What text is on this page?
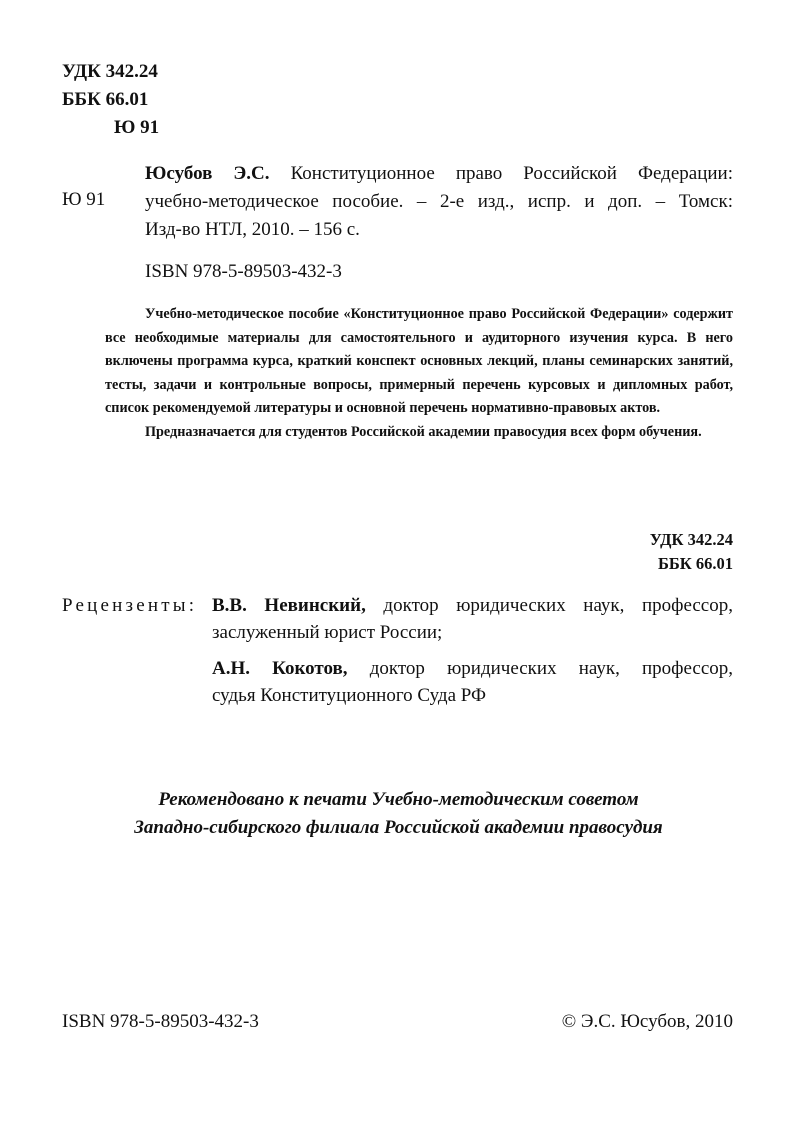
УДК 342.24
ББК 66.01
Ю 91
Ю 91

Юсубов Э.С. Конституционное право Российской Федерации:

учебно-методическое пособие. – 2-е изд., испр. и доп. – Томск:

Изд-во НТЛ, 2010. – 156 с.

ISBN 978-5-89503-432-3

Учебно-методическое пособие «Конституционное право Российской Федерации» содержит все необходимые материалы для самостоятельного и аудиторного изучения курса. В него включены программа курса, краткий конспект основных лекций, планы семинарских занятий, тесты, задачи и контрольные вопросы, примерный перечень курсовых и дипломных работ, список рекомендуемой литературы и основной перечень нормативно-правовых актов.

Предназначается для студентов Российской академии правосудия всех форм обучения.

УДК 342.24
ББК 66.01
Рецензенты: В.В. Невинский, доктор юридических наук, профессор,
заслуженный юрист России;
А.Н. Кокотов, доктор юридических наук, профессор,
судья Конституционного Суда РФ
Рекомендовано к печати Учебно-методическим советом
Западно-сибирского филиала Российской академии правосудия
ISBN 978-5-89503-432-3	© Э.С. Юсубов, 2010
